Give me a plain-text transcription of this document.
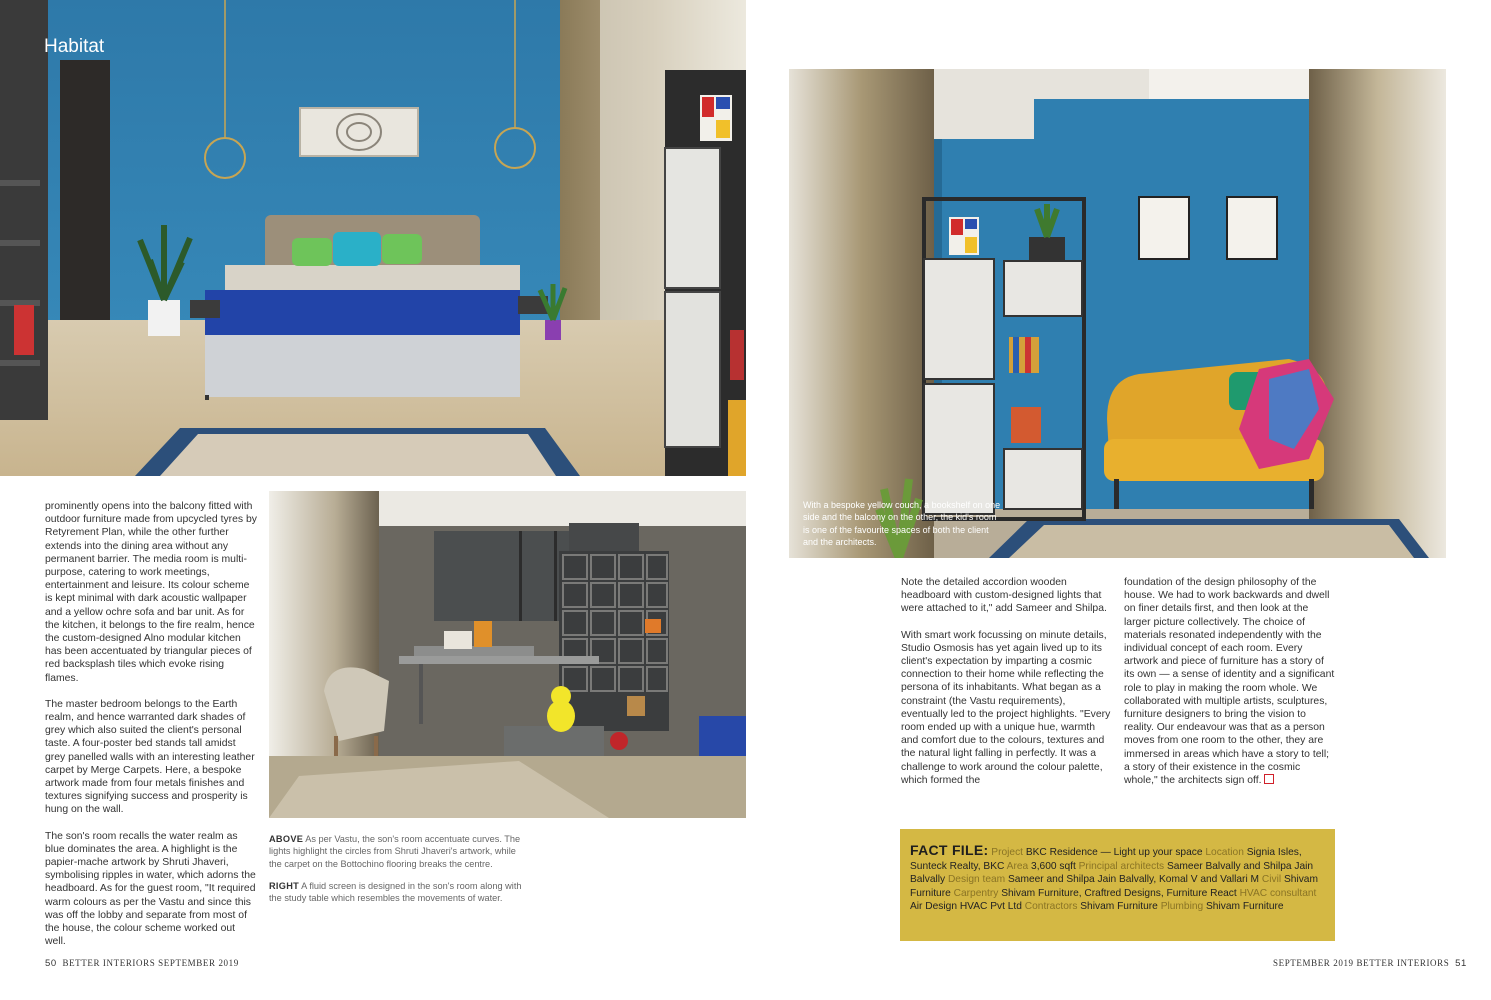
Habitat
With a bespoke yellow couch, a bookshelf on one side and the balcony on the other, the kid's room is one of the favourite spaces of both the client and the architects.

prominently opens into the balcony fitted with outdoor furniture made from upcycled tyres by Retyrement Plan, while the other further extends into the dining area without any permanent barrier. The media room is multi-purpose, catering to work meetings, entertainment and leisure. Its colour scheme is kept minimal with dark acoustic wallpaper and a yellow ochre sofa and bar unit. As for the kitchen, it belongs to the fire realm, hence the custom-designed Alno modular kitchen has been accentuated by triangular pieces of red backsplash tiles which evoke rising flames.

The master bedroom belongs to the Earth realm, and hence warranted dark shades of grey which also suited the client's personal taste. A four-poster bed stands tall amidst grey panelled walls with an interesting leather carpet by Merge Carpets. Here, a bespoke artwork made from four metals finishes and textures signifying success and prosperity is hung on the wall.

The son's room recalls the water realm as blue dominates the area. A highlight is the papier-mache artwork by Shruti Jhaveri, symbolising ripples in water, which adorns the headboard. As for the guest room, "It required warm colours as per the Vastu and since this was off the lobby and separate from most of the house, the colour scheme worked out well.

ABOVE As per Vastu, the son's room accentuate curves. The lights highlight the circles from Shruti Jhaveri's artwork, while the carpet on the Bottochino flooring breaks the centre.
RIGHT A fluid screen is designed in the son's room along with the study table which resembles the movements of water.

Note the detailed accordion wooden headboard with custom-designed lights that were attached to it," add Sameer and Shilpa.

With smart work focussing on minute details, Studio Osmosis has yet again lived up to its client's expectation by imparting a cosmic connection to their home while reflecting the persona of its inhabitants. What began as a constraint (the Vastu requirements), eventually led to the project highlights. "Every room ended up with a unique hue, warmth and comfort due to the colours, textures and the natural light falling in perfectly. It was a challenge to work around the colour palette, which formed the

foundation of the design philosophy of the house. We had to work backwards and dwell on finer details first, and then look at the larger picture collectively. The choice of materials resonated independently with the individual concept of each room. Every artwork and piece of furniture has a story of its own — a sense of identity and a significant role to play in making the room whole. We collaborated with multiple artists, sculptures, furniture designers to bring the vision to reality. Our endeavour was that as a person moves from one room to the other, they are immersed in areas which have a story to tell; a story of their existence in the cosmic whole," the architects sign off.

FACT FILE: Project BKC Residence — Light up your space Location Signia Isles, Sunteck Realty, BKC Area 3,600 sqft Principal architects Sameer Balvally and Shilpa Jain Balvally Design team Sameer and Shilpa Jain Balvally, Komal V and Vallari M Civil Shivam Furniture Carpentry Shivam Furniture, Craftred Designs, Furniture React HVAC consultant Air Design HVAC Pvt Ltd Contractors Shivam Furniture Plumbing Shivam Furniture
50 BETTER INTERIORS SEPTEMBER 2019	SEPTEMBER 2019 BETTER INTERIORS 51
